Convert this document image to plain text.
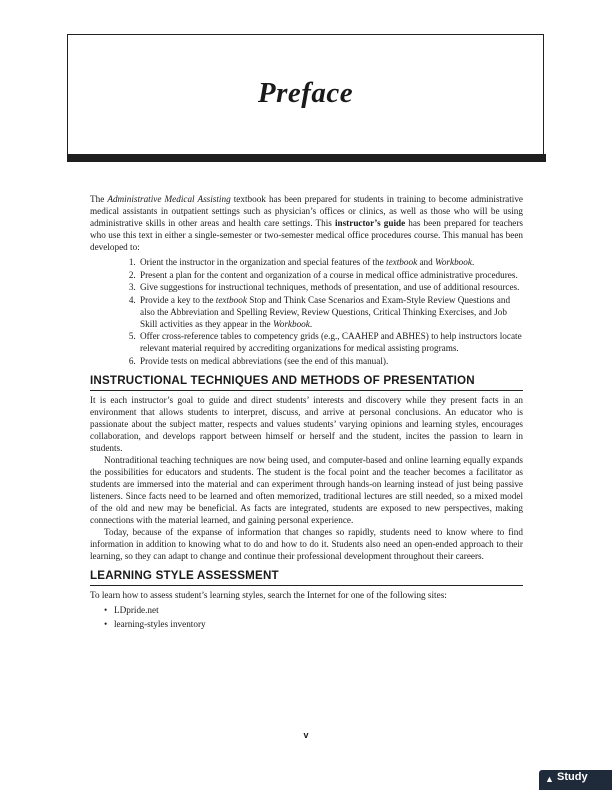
Preface

The Administrative Medical Assisting textbook has been prepared for students in training to become administrative medical assistants in outpatient settings such as physician’s offices or clinics, as well as those who will be using administrative skills in other areas and health care settings. This instructor’s guide has been prepared for teachers who use this text in either a single-semester or two-semester medical office procedures course. This manual has been developed to:

1. Orient the instructor in the organization and special features of the textbook and Workbook.
2. Present a plan for the content and organization of a course in medical office administrative procedures.
3. Give suggestions for instructional techniques, methods of presentation, and use of additional resources.
4. Provide a key to the textbook Stop and Think Case Scenarios and Exam-Style Review Questions and also the Abbreviation and Spelling Review, Review Questions, Critical Thinking Exercises, and Job Skill activities as they appear in the Workbook.
5. Offer cross-reference tables to competency grids (e.g., CAAHEP and ABHES) to help instructors locate relevant material required by accrediting organizations for medical assisting programs.
6. Provide tests on medical abbreviations (see the end of this manual).
INSTRUCTIONAL TECHNIQUES AND METHODS OF PRESENTATION

It is each instructor’s goal to guide and direct students’ interests and discovery while they present facts in an environment that allows students to interpret, discuss, and arrive at personal conclusions. An educator who is passionate about the subject matter, respects and values students’ varying opinions and learning styles, encourages collaboration, and develops rapport between himself or herself and the student, incites the passion to learn in students.

Nontraditional teaching techniques are now being used, and computer-based and online learning equally expands the possibilities for educators and students. The student is the focal point and the teacher becomes a facilitator as students are immersed into the material and can experiment through hands-on learning instead of just being passive listeners. Since facts need to be learned and often memorized, traditional lectures are still needed, so a mixed model of the old and new may be beneficial. As facts are integrated, students are exposed to new perspectives, making connections with the material learned, and gaining personal experience.

Today, because of the expanse of information that changes so rapidly, students need to know where to find information in addition to knowing what to do and how to do it. Students also need an open-ended approach to their learning, so they can adapt to change and continue their professional development throughout their careers.

LEARNING STYLE ASSESSMENT

To learn how to assess student’s learning styles, search the Internet for one of the following sites:

• LDpride.net
• learning-styles inventory
v
▲ Study
